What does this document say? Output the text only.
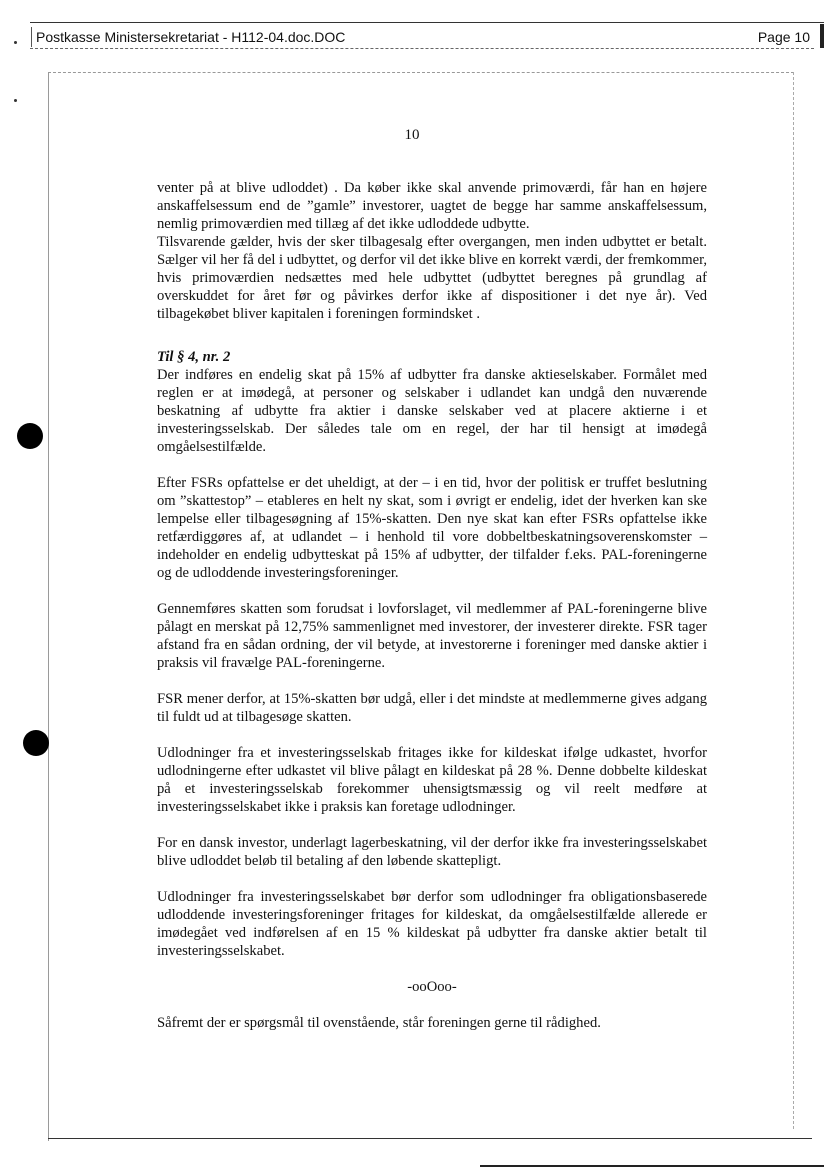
Postkasse Ministersekretariat - H112-04.doc.DOC	Page 10
10

venter på at blive udloddet) . Da køber ikke skal anvende primoværdi, får han en højere anskaffelsessum end de ”gamle” investorer, uagtet de begge har samme anskaffelsessum, nemlig primoværdien med tillæg af det ikke udloddede udbytte.

Tilsvarende gælder, hvis der sker tilbagesalg efter overgangen, men inden udbyttet er betalt. Sælger vil her få del i udbyttet, og derfor vil det ikke blive en korrekt værdi, der fremkommer, hvis primoværdien nedsættes med hele udbyttet (udbyttet beregnes på grundlag af overskuddet for året før og påvirkes derfor ikke af dispositioner i det nye år). Ved tilbagekøbet bliver kapitalen i foreningen formindsket .

Til § 4, nr. 2

Der indføres en endelig skat på 15% af udbytter fra danske aktieselskaber. Formålet med reglen er at imødegå, at personer og selskaber i udlandet kan undgå den nuværende beskatning af udbytte fra aktier i danske selskaber ved at placere aktierne i et investeringsselskab. Der således tale om en regel, der har til hensigt at imødegå omgåelsestilfælde.

Efter FSRs opfattelse er det uheldigt, at der – i en tid, hvor der politisk er truffet beslutning om ”skattestop” – etableres en helt ny skat, som i øvrigt er endelig, idet der hverken kan ske lempelse eller tilbagesøgning af 15%-skatten. Den nye skat kan efter FSRs opfattelse ikke retfærdiggøres af, at udlandet – i henhold til vore dobbeltbeskatningsoverenskomster – indeholder en endelig udbytteskat på 15% af udbytter, der tilfalder f.eks. PAL-foreningerne og de udloddende investeringsforeninger.

Gennemføres skatten som forudsat i lovforslaget, vil medlemmer af PAL-foreningerne blive pålagt en merskat på 12,75% sammenlignet med investorer, der investerer direkte. FSR tager afstand fra en sådan ordning, der vil betyde, at investorerne i foreninger med danske aktier i praksis vil fravælge PAL-foreningerne.

FSR mener derfor, at 15%-skatten bør udgå, eller i det mindste at medlemmerne gives adgang til fuldt ud at tilbagesøge skatten.

Udlodninger fra et investeringsselskab fritages ikke for kildeskat ifølge udkastet, hvorfor udlodningerne efter udkastet vil blive pålagt en kildeskat på 28 %. Denne dobbelte kildeskat på et investeringsselskab forekommer uhensigtsmæssig og vil reelt medføre at investeringsselskabet ikke i praksis kan foretage udlodninger.

For en dansk investor, underlagt lagerbeskatning, vil der derfor ikke fra investeringsselskabet blive udloddet beløb til betaling af den løbende skattepligt.

Udlodninger fra investeringsselskabet bør derfor som udlodninger fra obligationsbaserede udloddende investeringsforeninger fritages for kildeskat, da omgåelsestilfælde allerede er imødegået ved indførelsen af en 15 % kildeskat på udbytter fra danske aktier betalt til investeringsselskabet.

-ooOoo-

Såfremt der er spørgsmål til ovenstående, står foreningen gerne til rådighed.
